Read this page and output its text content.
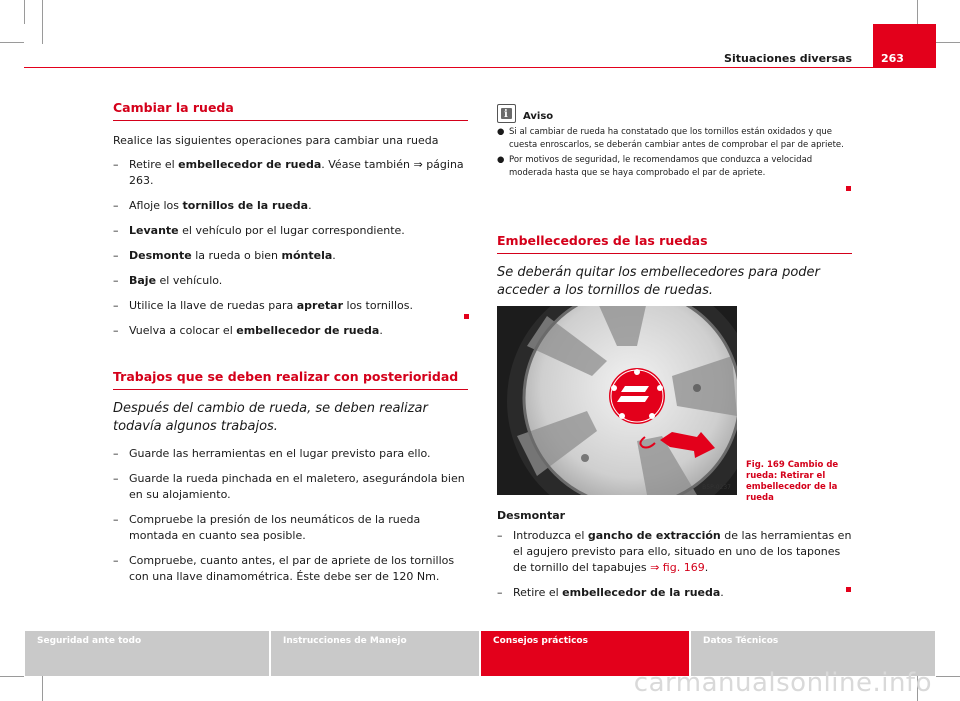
Situaciones diversas	263
Cambiar la rueda

Realice las siguientes operaciones para cambiar una rueda

– Retire el embellecedor de rueda. Véase también ⇒ página 263.

– Afloje los tornillos de la rueda.

– Levante el vehículo por el lugar correspondiente.

– Desmonte la rueda o bien móntela.

– Baje el vehículo.

– Utilice la llave de ruedas para apretar los tornillos.

– Vuelva a colocar el embellecedor de rueda.

Trabajos que se deben realizar con posterioridad

Después del cambio de rueda, se deben realizar todavía algunos trabajos.

– Guarde las herramientas en el lugar previsto para ello.

– Guarde la rueda pinchada en el maletero, asegurándola bien en su alojamiento.

– Compruebe la presión de los neumáticos de la rueda montada en cuanto sea posible.

– Compruebe, cuanto antes, el par de apriete de los tornillos con una llave dinamométrica. Éste debe ser de 120 Nm.

i
Aviso

● Si al cambiar de rueda ha constatado que los tornillos están oxidados y que cuesta enroscarlos, se deberán cambiar antes de comprobar el par de apriete.

● Por motivos de seguridad, le recomendamos que conduzca a velocidad moderada hasta que se haya comprobado el par de apriete.

Embellecedores de las ruedas

Se deberán quitar los embellecedores para poder acceder a los tornillos de ruedas.

B5P-0237
Fig. 169 Cambio de rueda: Retirar el embellecedor de la rueda
Desmontar

– Introduzca el gancho de extracción de las herramientas en el agujero previsto para ello, situado en uno de los tapones de tornillo del tapabujes ⇒ fig. 169.

– Retire el embellecedor de la rueda.

Seguridad ante todo	Instrucciones de Manejo	Consejos prácticos	Datos Técnicos
carmanualsonline.info
